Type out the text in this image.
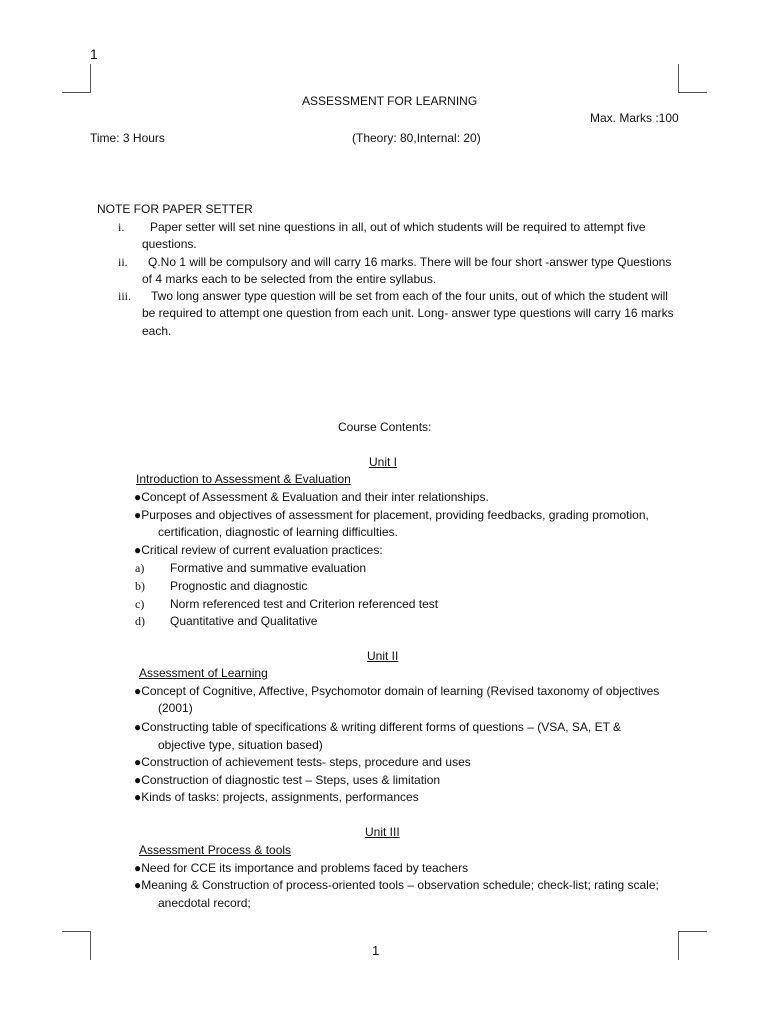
1
ASSESSMENT FOR LEARNING
Max. Marks :100
Time: 3 Hours	(Theory: 80,Internal: 20)
NOTE FOR PAPER SETTER
i. Paper setter will set nine questions in all, out of which students will be required to attempt five
questions.
ii. Q.No 1 will be compulsory and will carry 16 marks. There will be four short -answer type Questions
of 4 marks each to be selected from the entire syllabus.
iii. Two long answer type question will be set from each of the four units, out of which the student will
be required to attempt one question from each unit. Long- answer type questions will carry 16 marks
each.
Course Contents:
Unit I
Introduction to Assessment & Evaluation
●Concept of Assessment & Evaluation and their inter relationships.
●Purposes and objectives of assessment for placement, providing feedbacks, grading promotion,
certification, diagnostic of learning difficulties.
●Critical review of current evaluation practices:
a) Formative and summative evaluation
b) Prognostic and diagnostic
c) Norm referenced test and Criterion referenced test
d) Quantitative and Qualitative
Unit II
Assessment of Learning
●Concept of Cognitive, Affective, Psychomotor domain of learning (Revised taxonomy of objectives
(2001)
●Constructing table of specifications & writing different forms of questions – (VSA, SA, ET &
objective type, situation based)
●Construction of achievement tests- steps, procedure and uses
●Construction of diagnostic test – Steps, uses & limitation
●Kinds of tasks: projects, assignments, performances
Unit III
Assessment Process & tools
●Need for CCE its importance and problems faced by teachers
●Meaning & Construction of process-oriented tools – observation schedule; check-list; rating scale;
anecdotal record;
1
